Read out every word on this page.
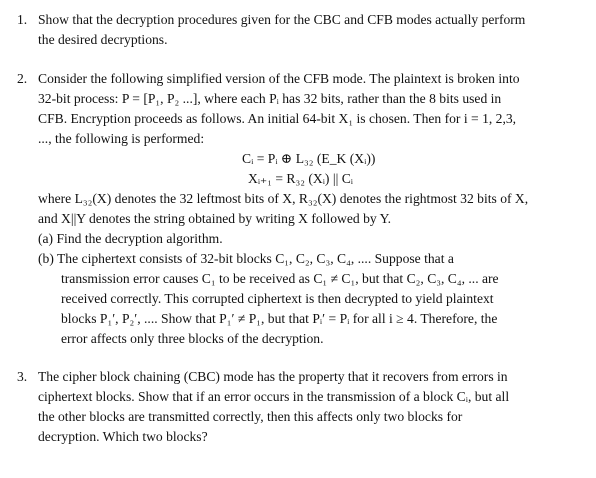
1. Show that the decryption procedures given for the CBC and CFB modes actually perform
the desired decryptions.
2. Consider the following simplified version of the CFB mode. The plaintext is broken into
32-bit process: P = [P₁, P₂ ...], where each Pᵢ has 32 bits, rather than the 8 bits used in
CFB. Encryption proceeds as follows. An initial 64-bit X₁ is chosen. Then for i = 1, 2,3,
..., the following is performed:
Cᵢ = Pᵢ ⊕ L₃₂ (E_K (Xᵢ))
Xᵢ₊₁ = R₃₂ (Xᵢ) || Cᵢ
where L₃₂(X) denotes the 32 leftmost bits of X, R₃₂(X) denotes the rightmost 32 bits of X,
and X||Y denotes the string obtained by writing X followed by Y.
(a) Find the decryption algorithm.
(b) The ciphertext consists of 32-bit blocks C₁, C₂, C₃, C₄, .... Suppose that a
transmission error causes C₁ to be received as C₁ ≠ C₁, but that C₂, C₃, C₄, ... are
received correctly. This corrupted ciphertext is then decrypted to yield plaintext
blocks P₁′, P₂′, .... Show that P₁′ ≠ P₁, but that Pᵢ′ = Pᵢ for all i ≥ 4. Therefore, the
error affects only three blocks of the decryption.
3. The cipher block chaining (CBC) mode has the property that it recovers from errors in
ciphertext blocks. Show that if an error occurs in the transmission of a block Cᵢ, but all
the other blocks are transmitted correctly, then this affects only two blocks for
decryption. Which two blocks?
